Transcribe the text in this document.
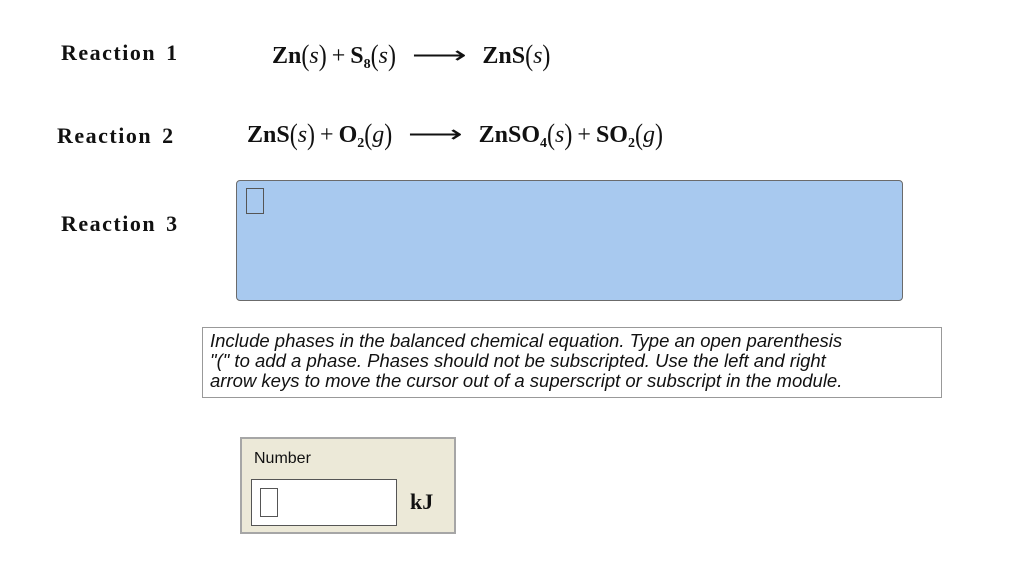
Reaction 1	$Zn(s) + S_8(s)$ ⟶ ZnS(s)
Reaction 2	$ZnS(s) + O_2(g)$ ⟶ ZnSO$_4$(s) + $SO_2(g)$
Reaction 3
Include phases in the balanced chemical equation. Type an open parenthesis
"(" to add a phase. Phases should not be subscripted. Use the left and right
arrow keys to move the cursor out of a superscript or subscript in the module.
Number
kJ
